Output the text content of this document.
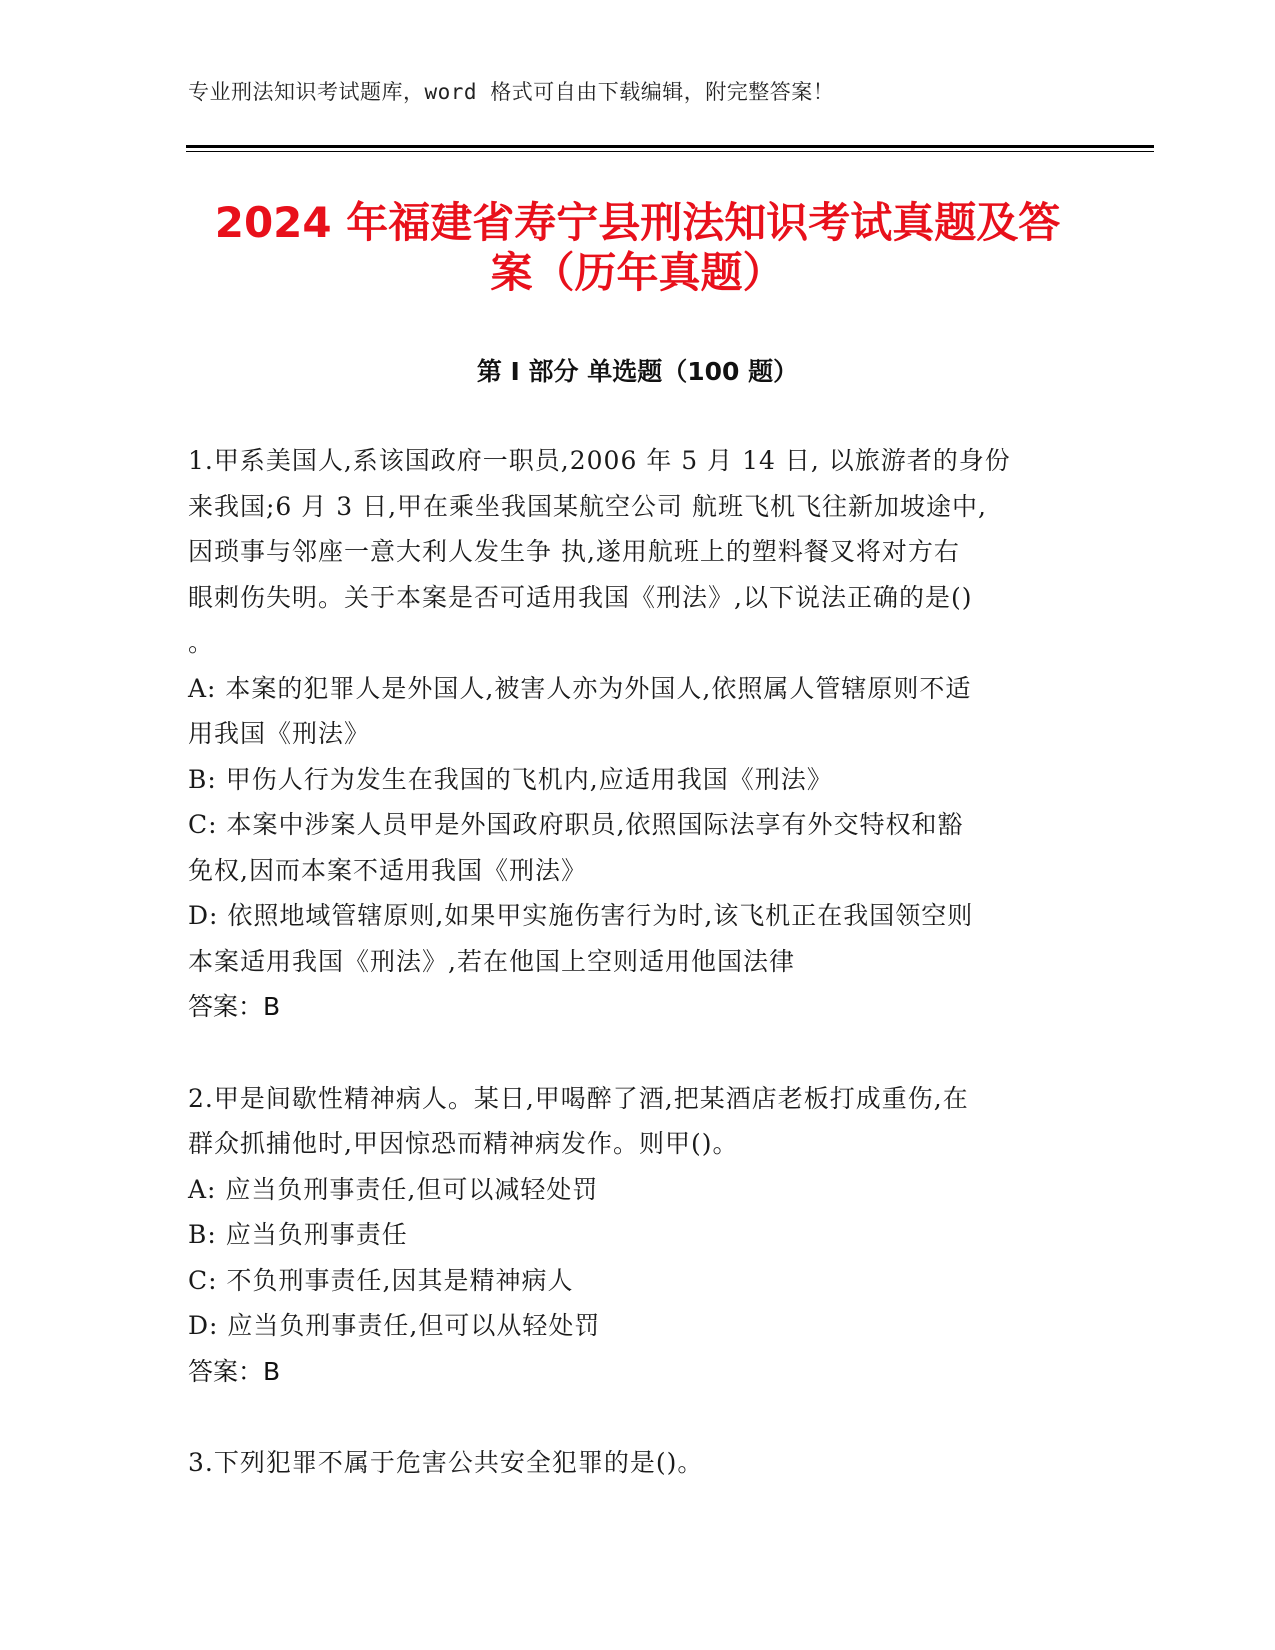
专业刑法知识考试题库，word 格式可自由下载编辑，附完整答案！
2024 年福建省寿宁县刑法知识考试真题及答
案（历年真题）
第 I 部分 单选题（100 题）
1.甲系美国人,系该国政府一职员,2006 年 5 月 14 日, 以旅游者的身份
来我国;6 月 3 日,甲在乘坐我国某航空公司 航班飞机飞往新加坡途中,
因琐事与邻座一意大利人发生争 执,遂用航班上的塑料餐叉将对方右
眼刺伤失明。关于本案是否可适用我国《刑法》,以下说法正确的是()
。
A: 本案的犯罪人是外国人,被害人亦为外国人,依照属人管辖原则不适
用我国《刑法》
B: 甲伤人行为发生在我国的飞机内,应适用我国《刑法》
C: 本案中涉案人员甲是外国政府职员,依照国际法享有外交特权和豁
免权,因而本案不适用我国《刑法》
D: 依照地域管辖原则,如果甲实施伤害行为时,该飞机正在我国领空则
本案适用我国《刑法》,若在他国上空则适用他国法律
答案：B
2.甲是间歇性精神病人。某日,甲喝醉了酒,把某酒店老板打成重伤,在
群众抓捕他时,甲因惊恐而精神病发作。则甲()。
A: 应当负刑事责任,但可以减轻处罚
B: 应当负刑事责任
C: 不负刑事责任,因其是精神病人
D: 应当负刑事责任,但可以从轻处罚
答案：B
3.下列犯罪不属于危害公共安全犯罪的是()。
